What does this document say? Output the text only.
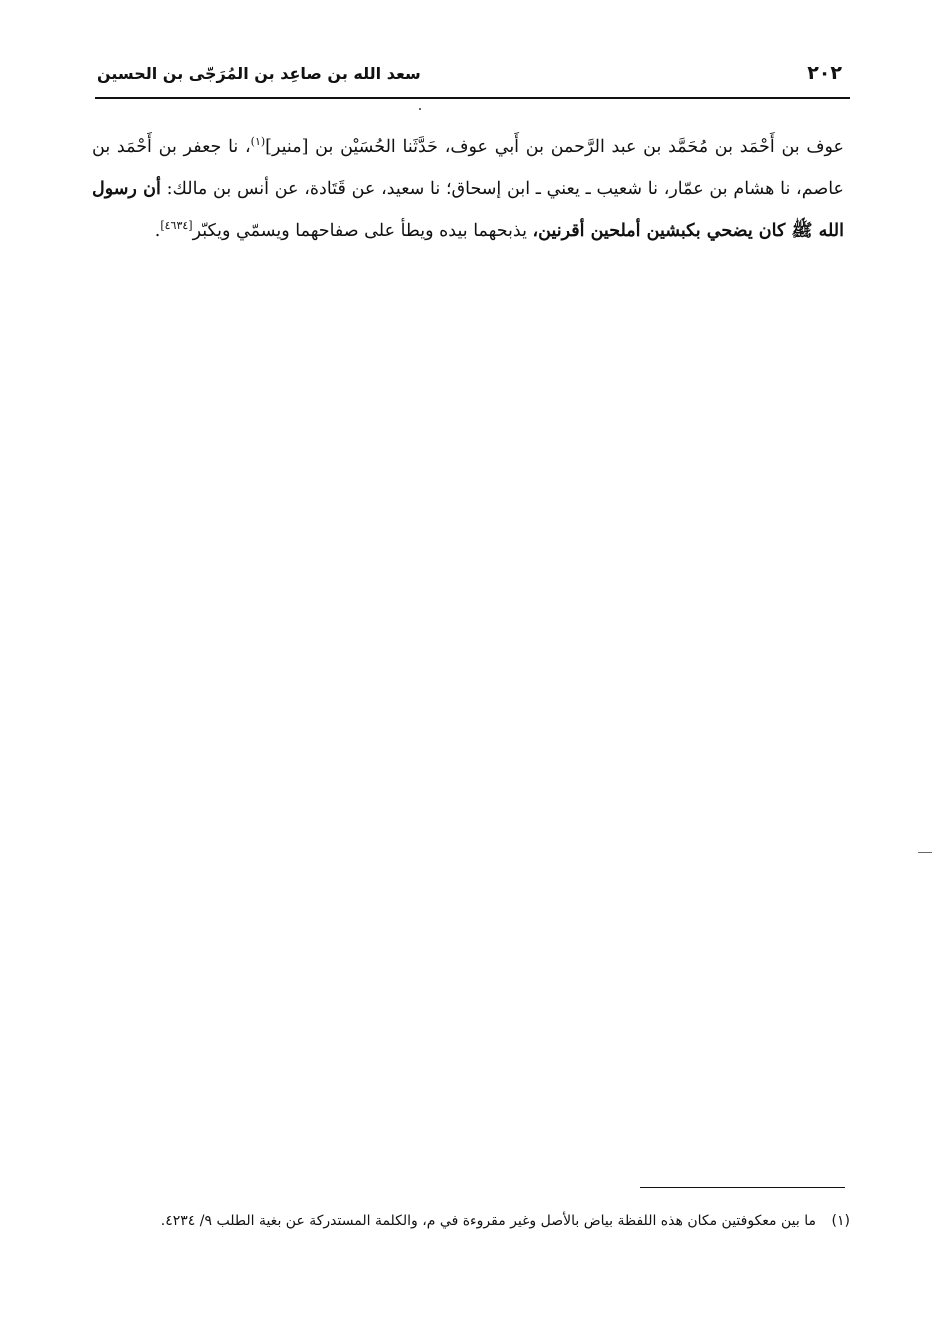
٢٠٢
سعد الله بن صاعِد بن المُرَجّى بن الحسين

عوف بن أَحْمَد بن مُحَمَّد بن عبد الرَّحمن بن أَبي عوف، حَدَّثَنا الحُسَيْن بن [منير]$^{(١)}$، نا جعفر بن أَحْمَد بن عاصم، نا هشام بن عمّار، نا شعيب ـ يعني ـ ابن إسحاق؛ نا سعيد، عن قَتَادة، عن أنس بن مالك: أن رسول الله ﷺ كان يضحي بكبشين أملحين أقرنين، يذبحهما بيده ويطأ على صفاحهما ويسمّي ويكبّر[٤٦٣٤].

(١)
ما بين معكوفتين مكان هذه اللفظة بياض بالأصل وغير مقروءة في م، والكلمة المستدركة عن بغية الطلب ٩/ ٤٢٣٤.
